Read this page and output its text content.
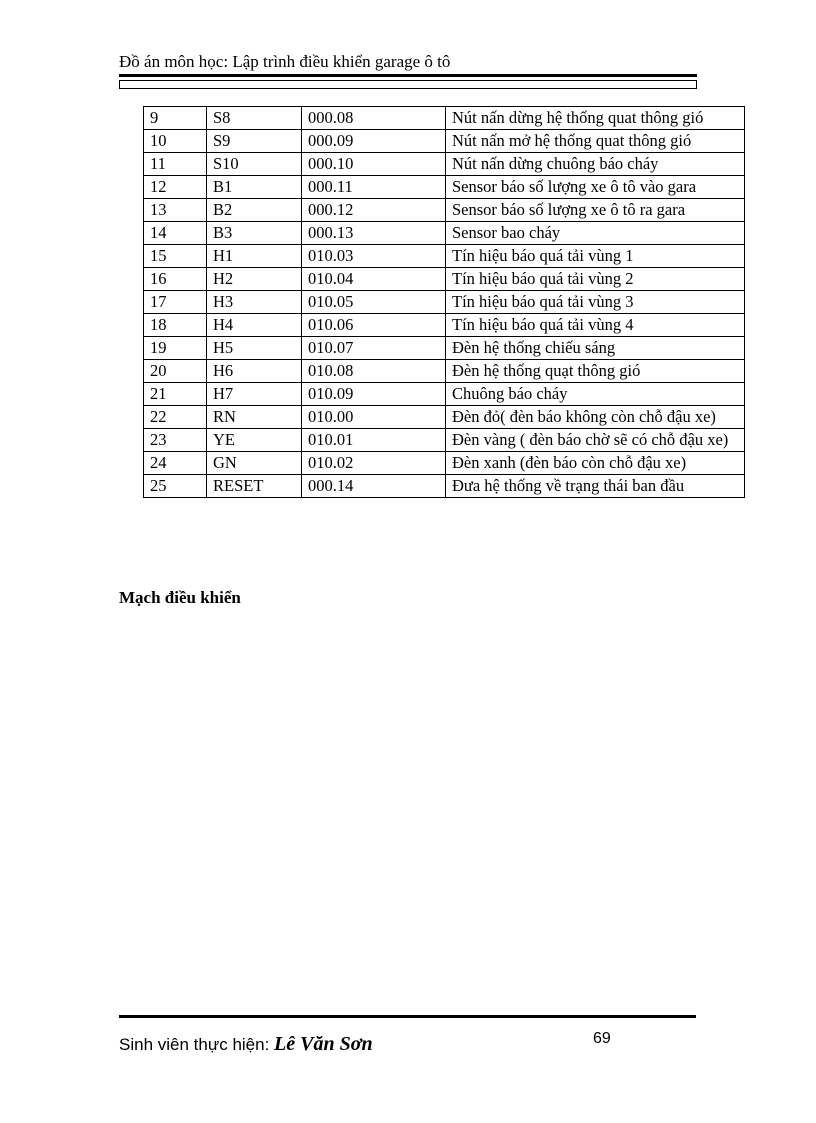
Đồ án môn học: Lập trình điều khiển garage ô tô
9	S8	000.08	Nút nấn dừng hệ thống quat thông gió
10	S9	000.09	Nút nấn mở hệ thống quat thông gió
11	S10	000.10	Nút nấn dừng chuông báo cháy
12	B1	000.11	Sensor báo số lượng xe ô tô vào gara
13	B2	000.12	Sensor báo số lượng xe ô tô ra gara
14	B3	000.13	Sensor bao cháy
15	H1	010.03	Tín hiệu báo quá tải vùng 1
16	H2	010.04	Tín hiệu báo quá tải vùng 2
17	H3	010.05	Tín hiệu báo quá tải vùng 3
18	H4	010.06	Tín hiệu báo quá tải vùng 4
19	H5	010.07	Đèn hệ thống chiếu sáng
20	H6	010.08	Đèn hệ thống quạt thông gió
21	H7	010.09	Chuông báo cháy
22	RN	010.00	Đèn đỏ( đèn báo không còn chỗ đậu xe)
23	YE	010.01	Đèn vàng ( đèn báo chờ sẽ có chỗ đậu xe)
24	GN	010.02	Đèn xanh (đèn báo còn chỗ đậu xe)
25	RESET	000.14	Đưa hệ thống về trạng thái ban đầu
Mạch điều khiển
Sinh viên thực hiện: Lê Văn Sơn	69
